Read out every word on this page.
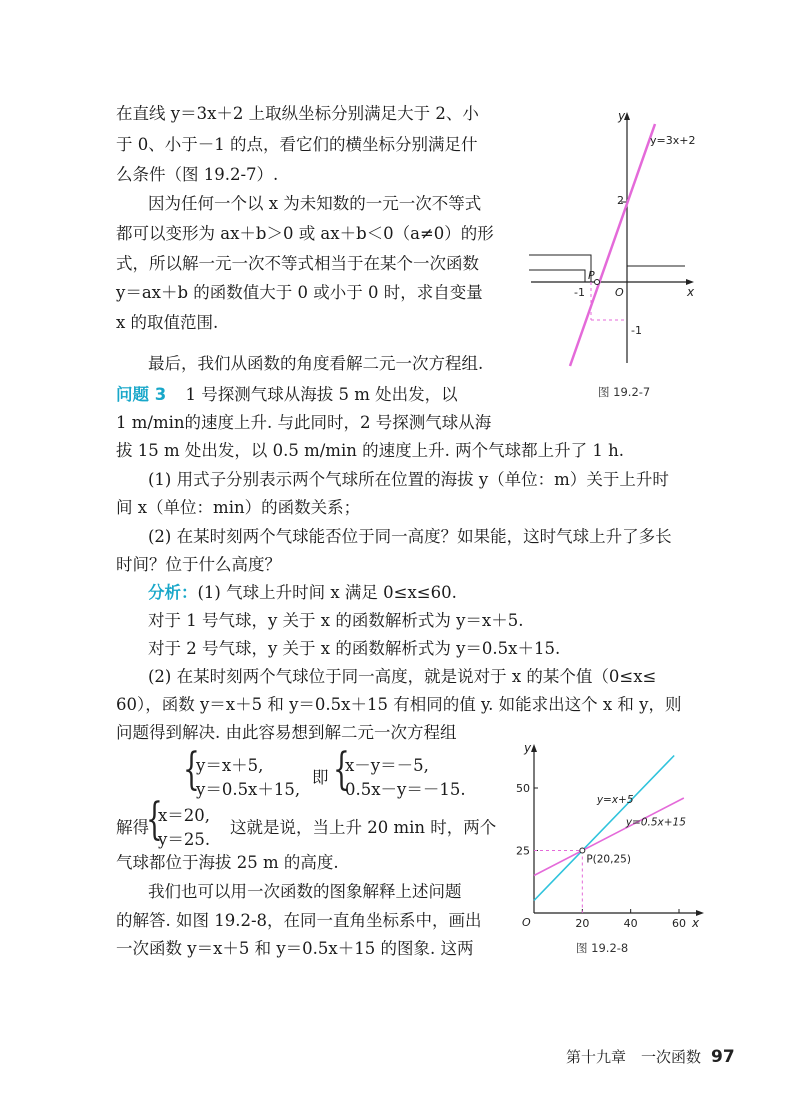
在直线 y＝3x＋2 上取纵坐标分别满足大于 2、小
于 0、小于－1 的点，看它们的横坐标分别满足什
么条件（图 19.2-7）.
因为任何一个以 x 为未知数的一元一次不等式
都可以变形为 ax＋b＞0 或 ax＋b＜0（a≠0）的形
式，所以解一元一次不等式相当于在某个一次函数
y＝ax＋b 的函数值大于 0 或小于 0 时，求自变量
x 的取值范围.
最后，我们从函数的角度看解二元一次方程组.
问题 3 1 号探测气球从海拔 5 m 处出发，以
1 m/min的速度上升. 与此同时，2 号探测气球从海
拔 15 m 处出发，以 0.5 m/min 的速度上升. 两个气球都上升了 1 h.
(1) 用式子分别表示两个气球所在位置的海拔 y（单位：m）关于上升时
间 x（单位：min）的函数关系；
(2) 在某时刻两个气球能否位于同一高度？如果能，这时气球上升了多长
时间？位于什么高度？
分析：(1) 气球上升时间 x 满足 0≤x≤60.
对于 1 号气球，y 关于 x 的函数解析式为 y＝x＋5.
对于 2 号气球，y 关于 x 的函数解析式为 y＝0.5x＋15.
(2) 在某时刻两个气球位于同一高度，就是说对于 x 的某个值（0≤x≤
60），函数 y＝x＋5 和 y＝0.5x＋15 有相同的值 y. 如能求出这个 x 和 y，则
问题得到解决. 由此容易想到解二元一次方程组
{
y＝x＋5,
y＝0.5x＋15,
即 {
x－y＝－5,
0.5x－y＝－15.
解得
{
x＝20,
y＝25.
这就是说，当上升 20 min 时，两个
气球都位于海拔 25 m 的高度.
我们也可以用一次函数的图象解释上述问题
的解答. 如图 19.2-8，在同一直角坐标系中，画出
一次函数 y＝x＋5 和 y＝0.5x＋15 的图象. 这两
y
y=3x+2
2
P
-1	O	x
-1
图 19.2-7
x
y
O	20	40	60
25
50
y=x+5
y=0.5x+15
P(20,25)
图 19.2-8
第十九章　一次函数 97
